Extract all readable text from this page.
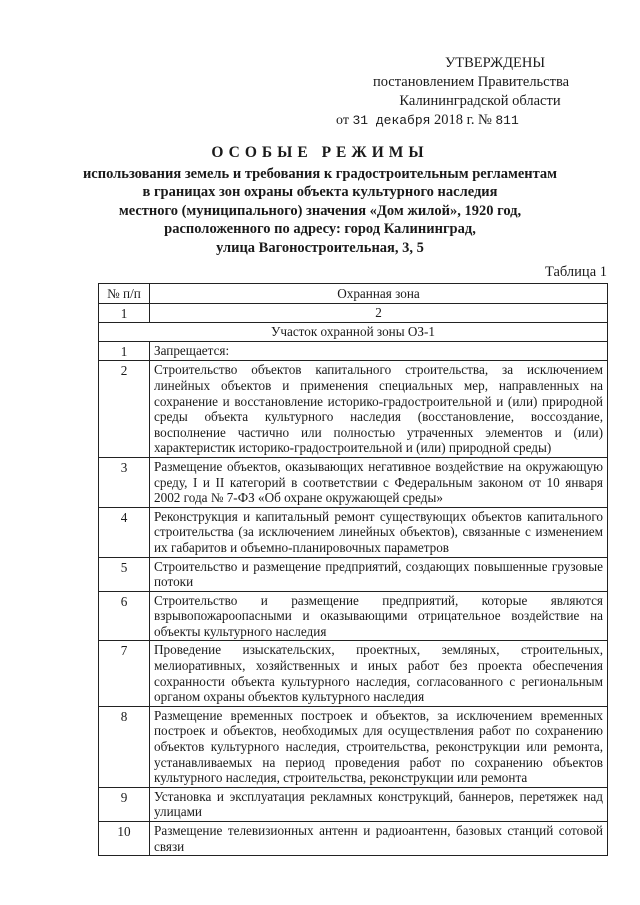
УТВЕРЖДЕНЫ
постановлением Правительства
Калининградской области
от 31 декабря 2018 г. № 811
ОСОБЫЕ РЕЖИМЫ
использования земель и требования к градостроительным регламентам
в границах зон охраны объекта культурного наследия
местного (муниципального) значения «Дом жилой», 1920 год,
расположенного по адресу: город Калининград,
улица Вагоностроительная, 3, 5
Таблица 1
№ п/п	Охранная зона
1	2
Участок охранной зоны ОЗ-1	
1	Запрещается:
2	Строительство объектов капитального строительства, за исключением линейных объектов и применения специальных мер, направленных на сохранение и восстановление историко-градостроительной и (или) природной среды объекта культурного наследия (восстановление, воссоздание, восполнение частично или полностью утраченных элементов и (или) характеристик историко-градостроительной и (или) природной среды)
3	Размещение объектов, оказывающих негативное воздействие на окружающую среду, I и II категорий в соответствии с Федеральным законом от 10 января 2002 года № 7-ФЗ «Об охране окружающей среды»
4	Реконструкция и капитальный ремонт существующих объектов капитального строительства (за исключением линейных объектов), связанные с изменением их габаритов и объемно-планировочных параметров
5	Строительство и размещение предприятий, создающих повышенные грузовые потоки
6	Строительство и размещение предприятий, которые являются взрывопожароопасными и оказывающими отрицательное воздействие на объекты культурного наследия
7	Проведение изыскательских, проектных, земляных, строительных, мелиоративных, хозяйственных и иных работ без проекта обеспечения сохранности объекта культурного наследия, согласованного с региональным органом охраны объектов культурного наследия
8	Размещение временных построек и объектов, за исключением временных построек и объектов, необходимых для осуществления работ по сохранению объектов культурного наследия, строительства, реконструкции или ремонта, устанавливаемых на период проведения работ по сохранению объектов культурного наследия, строительства, реконструкции или ремонта
9	Установка и эксплуатация рекламных конструкций, баннеров, перетяжек над улицами
10	Размещение телевизионных антенн и радиоантенн, базовых станций сотовой связи
